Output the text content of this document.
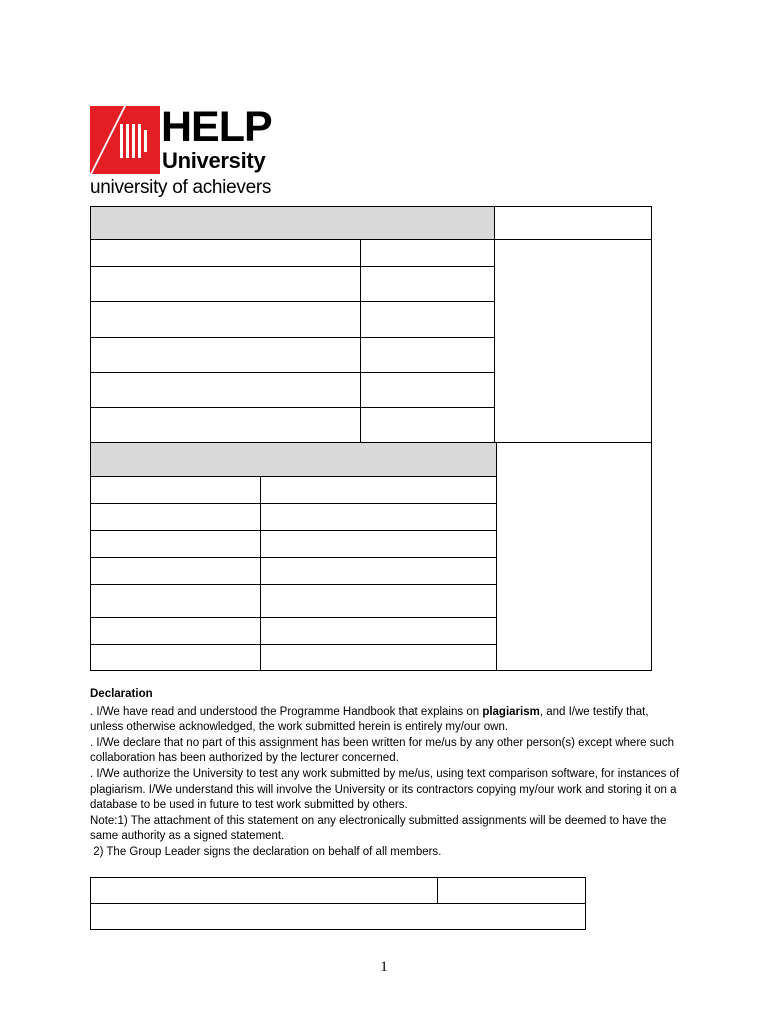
HELP
University
university of achievers

Declaration

. I/We have read and understood the Programme Handbook that explains on plagiarism, and I/we testify that, unless otherwise acknowledged, the work submitted herein is entirely my/our own.

. I/We declare that no part of this assignment has been written for me/us by any other person(s) except where such collaboration has been authorized by the lecturer concerned.

. I/We authorize the University to test any work submitted by me/us, using text comparison software, for instances of plagiarism. I/We understand this will involve the University or its contractors copying my/our work and storing it on a database to be used in future to test work submitted by others.

Note:1) The attachment of this statement on any electronically submitted assignments will be deemed to have the same authority as a signed statement.

2) The Group Leader signs the declaration on behalf of all members.

1
